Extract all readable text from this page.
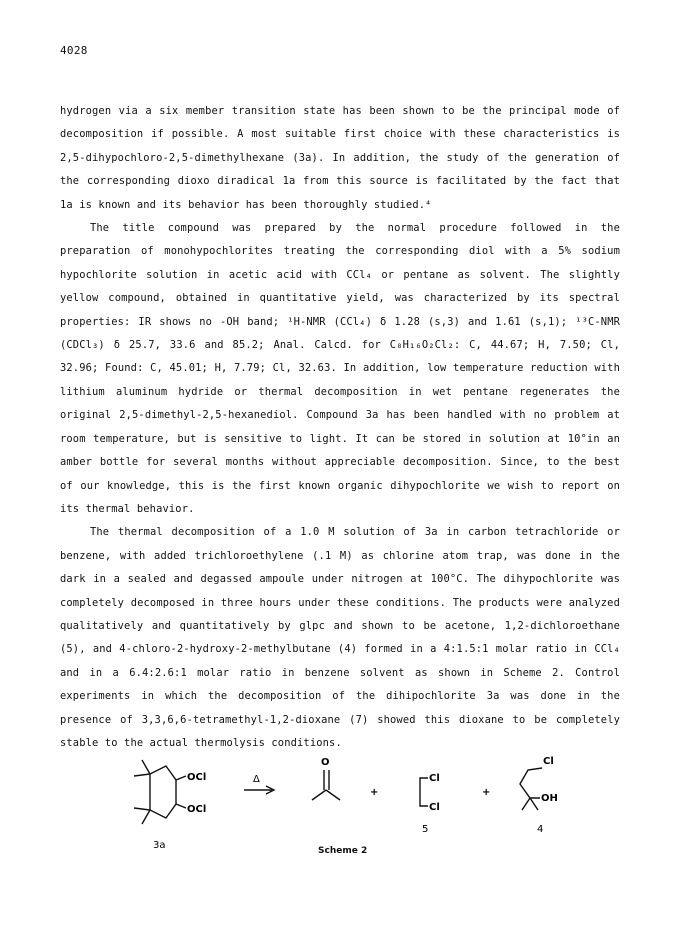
4028

hydrogen via a six member transition state has been shown to be the principal mode of decomposition if possible. A most suitable first choice with these characteristics is 2,5-dihypochloro-2,5-dimethylhexane (3a). In addition, the study of the generation of the corresponding dioxo diradical 1a from this source is facilitated by the fact that 1a is known and its behavior has been thoroughly studied.⁴

The title compound was prepared by the normal procedure followed in the preparation of monohypochlorites treating the corresponding diol with a 5% sodium hypochlorite solution in acetic acid with CCl₄ or pentane as solvent. The slightly yellow compound, obtained in quantitative yield, was characterized by its spectral properties: IR shows no -OH band; ¹H-NMR (CCl₄) δ 1.28 (s,3) and 1.61 (s,1); ¹³C-NMR (CDCl₃) δ 25.7, 33.6 and 85.2; Anal. Calcd. for C₈H₁₆O₂Cl₂: C, 44.67; H, 7.50; Cl, 32.96; Found: C, 45.01; H, 7.79; Cl, 32.63. In addition, low temperature reduction with lithium aluminum hydride or thermal decomposition in wet pentane regenerates the original 2,5-dimethyl-2,5-hexanediol. Compound 3a has been handled with no problem at room temperature, but is sensitive to light. It can be stored in solution at 10°in an amber bottle for several months without appreciable decomposition. Since, to the best of our knowledge, this is the first known organic dihypochlorite we wish to report on its thermal behavior.

The thermal decomposition of a 1.0 M solution of 3a in carbon tetrachloride or benzene, with added trichloroethylene (.1 M) as chlorine atom trap, was done in the dark in a sealed and degassed ampoule under nitrogen at 100°C. The dihypochlorite was completely decomposed in three hours under these conditions. The products were analyzed qualitatively and quantitatively by glpc and shown to be acetone, 1,2-dichloroethane (5), and 4-chloro-2-hydroxy-2-methylbutane (4) formed in a 4:1.5:1 molar ratio in CCl₄ and in a 6.4:2.6:1 molar ratio in benzene solvent as shown in Scheme 2. Control experiments in which the decomposition of the dihipochlorite 3a was done in the presence of 3,3,6,6-tetramethyl-1,2-dioxane (7) showed this dioxane to be completely stable to the actual thermolysis conditions.

OCl
OCl
3a
Δ
O
+
Cl
Cl
5
+
Cl
OH
4
Scheme 2
